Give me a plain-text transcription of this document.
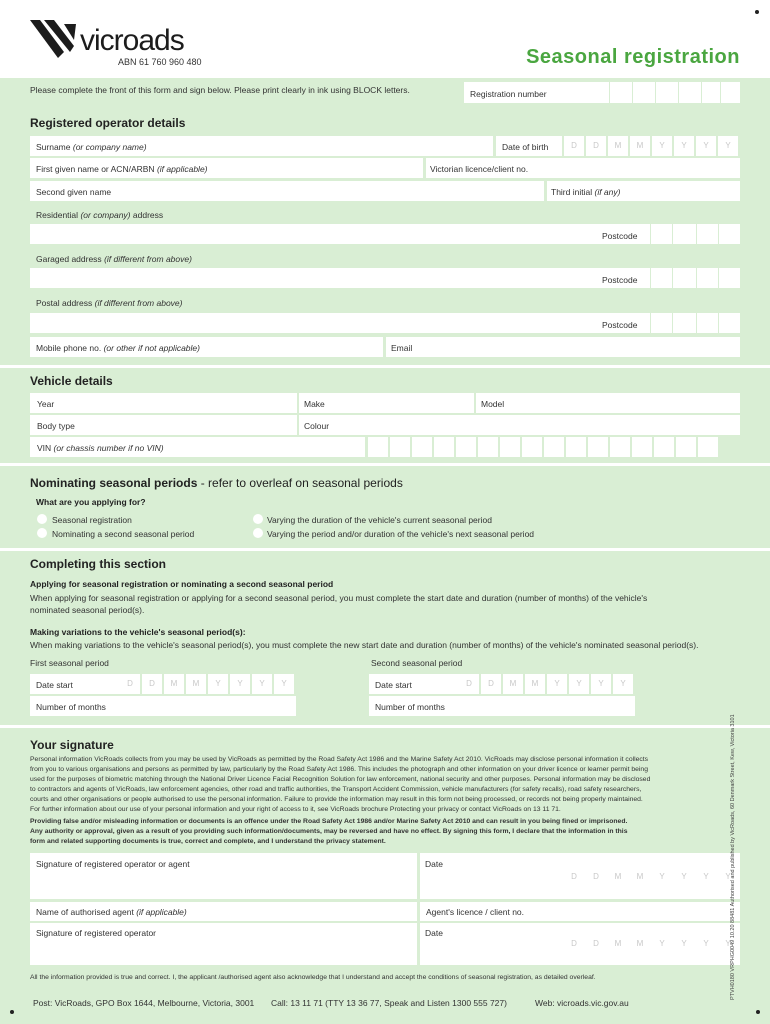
vicroads
ABN 61 760 960 480	Seasonal registration
Please complete the front of this form and sign below. Please print clearly in ink using BLOCK letters.	Registration number
Registered operator details
Surname (or company name)	Date of birth	D	D	M	M	Y	Y	Y	Y
First given name or ACN/ARBN (if applicable)	Victorian licence/client no.
Second given name	Third initial (if any)
Residential (or company) address
Postcode
Garaged address (if different from above)
Postcode
Postal address (if different from above)
Postcode
Mobile phone no. (or other if not applicable)	Email
Vehicle details
Year	Make	Model
Body type	Colour
VIN (or chassis number if no VIN)
Nominating seasonal periods - refer to overleaf on seasonal periods
What are you applying for?
Seasonal registration
Nominating a second seasonal period
Varying the duration of the vehicle's current seasonal period
Varying the period and/or duration of the vehicle's next seasonal period
Completing this section
Applying for seasonal registration or nominating a second seasonal period
When applying for seasonal registration or applying for a second seasonal period, you must complete the start date and duration (number of months) of the vehicle's
nominated seasonal period(s).
Making variations to the vehicle's seasonal period(s):
When making variations to the vehicle's seasonal period(s), you must complete the new start date and duration (number of months) of the vehicle's nominated seasonal period(s).
First seasonal period	Second seasonal period
Date start	D	D	M	M	Y	Y	Y	Y
Number of months
Date start	D	D	M	M	Y	Y	Y	Y
Number of months
Your signature
Personal information VicRoads collects from you may be used by VicRoads as permitted by the Road Safety Act 1986 and the Marine Safety Act 2010. VicRoads may disclose personal information it collects
from you to various organisations and persons as permitted by law, particularly by the Road Safety Act 1986. This includes the photograph and other information on your driver licence or learner permit being
used for the purposes of biometric matching through the National Driver Licence Facial Recognition Solution for law enforcement, national security and other purposes. Personal information may be disclosed
to contractors and agents of VicRoads, law enforcement agencies, other road and traffic authorities, the Transport Accident Commission, vehicle manufacturers (for safety recalls), road safety researchers,
courts and other organisations or people authorised to use the personal information. Failure to provide the information may result in this form not being processed, or records not being properly maintained.
For further information about our use of your personal information and your right of access to it, see VicRoads brochure Protecting your privacy or contact VicRoads on 13 11 71.
Providing false and/or misleading information or documents is an offence under the Road Safety Act 1986 and/or Marine Safety Act 2010 and can result in you being fined or imprisoned.
Any authority or approval, given as a result of you providing such information/documents, may be reversed and have no effect. By signing this form, I declare that the information in this
form and related supporting documents is true, correct and complete, and I understand the privacy statement.
Signature of registered operator or agent	Date
D	D	M	M	Y	Y	Y	Y
Name of authorised agent (if applicable)	Agent's licence / client no.
Signature of registered operator	Date
D	D	M	M	Y	Y	Y	Y
All the information provided is true and correct. I, the applicant /authorised agent also acknowledge that I understand and accept the conditions of seasonal registration, as detailed overleaf.
Post: VicRoads, GPO Box 1644, Melbourne, Victoria, 3001 Call: 13 11 71 (TTY 13 36 77, Speak and Listen 1300 555 727)	Web: vicroads.vic.gov.au
PTVH0180 VRPHG0049 10.20 88481 Authorised and published by VicRoads, 60 Denmark Street, Kew, Victoria 3101
